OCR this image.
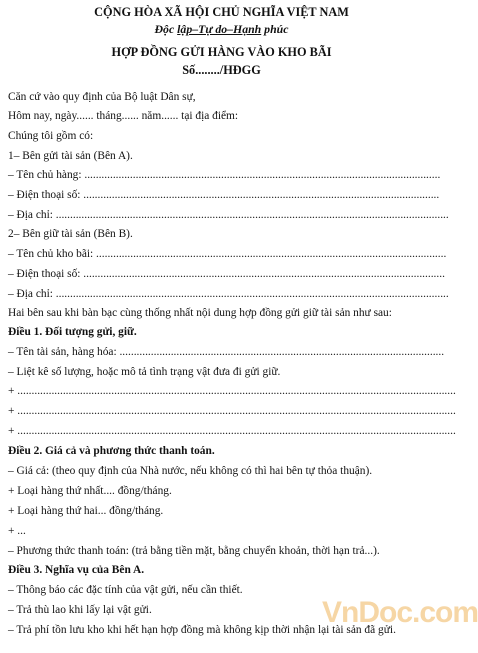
CỘNG HÒA XÃ HỘI CHỦ NGHĨA VIỆT NAM
Độc lập–Tự do–Hạnh phúc
HỢP ĐỒNG GỬI HÀNG VÀO KHO BÃI
Số......../HĐGG
Căn cứ vào quy định của Bộ luật Dân sự,
Hôm nay, ngày...... tháng...... năm...... tại địa điểm:
Chúng tôi gồm có:
1– Bên gửi tài sản (Bên A).
– Tên chủ hàng: .............................................................................................................................
– Điện thoại số: .............................................................................................................................
– Địa chỉ: ..........................................................................................................................................
2– Bên giữ tài sản (Bên B).
– Tên chủ kho bãi: ...........................................................................................................................
– Điện thoại số: ...............................................................................................................................
– Địa chỉ: ..........................................................................................................................................
Hai bên sau khi bàn bạc cùng thống nhất nội dung hợp đồng gửi giữ tài sản như sau:
Điều 1. Đối tượng gửi, giữ.
– Tên tài sản, hàng hóa: ..................................................................................................................
– Liệt kê số lượng, hoặc mô tả tình trạng vật đưa đi gửi giữ.
+ ..........................................................................................................................................................
+ ..........................................................................................................................................................
+ ..........................................................................................................................................................
Điều 2. Giá cả và phương thức thanh toán.
– Giá cả: (theo quy định của Nhà nước, nếu không có thì hai bên tự thỏa thuận).
+ Loại hàng thứ nhất.... đồng/tháng.
+ Loại hàng thứ hai... đồng/tháng.
+ ...
– Phương thức thanh toán: (trả bằng tiền mặt, bằng chuyển khoản, thời hạn trả...).
Điều 3. Nghĩa vụ của Bên A.
– Thông báo các đặc tính của vật gửi, nếu cần thiết.
– Trả thù lao khi lấy lại vật gửi.
– Trả phí tồn lưu kho khi hết hạn hợp đồng mà không kịp thời nhận lại tài sản đã gửi.
VnDoc.com
